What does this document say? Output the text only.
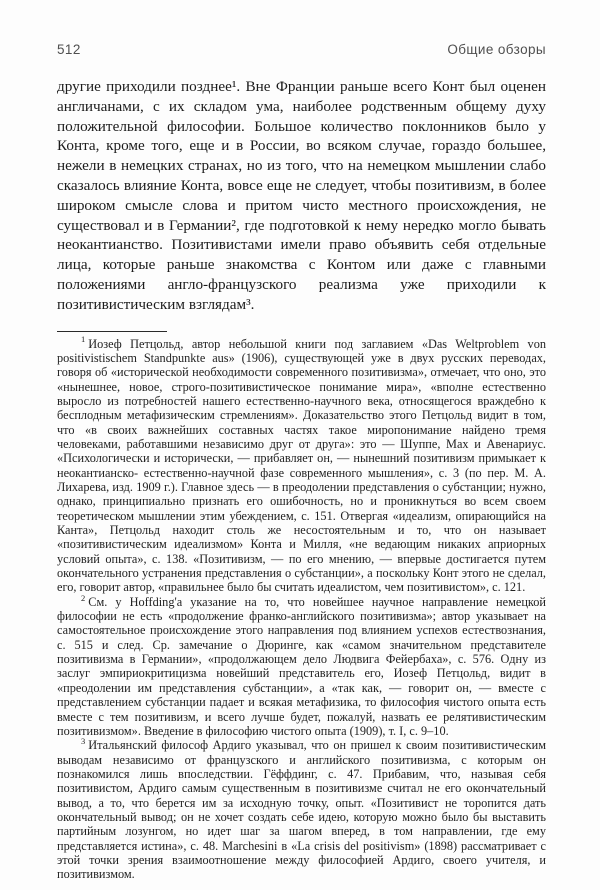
512	Общие обзоры

другие приходили позднее¹. Вне Франции раньше всего Конт был оценен англичанами, с их складом ума, наиболее родственным общему духу положительной философии. Большое количество поклонников было у Конта, кроме того, еще и в России, во всяком случае, гораздо большее, нежели в немецких странах, но из того, что на немецком мышлении слабо сказалось влияние Конта, вовсе еще не следует, чтобы позитивизм, в более широком смысле слова и притом чисто местного происхождения, не существовал и в Германии², где подготовкой к нему нередко могло бывать неокантианство. Позитивистами имели право объявить себя отдельные лица, которые раньше знакомства с Контом или даже с главными положениями англо-французского реализма уже приходили к позитивистическим взглядам³.

$^1$ Иозеф Петцольд, автор небольшой книги под заглавием «Das Weltproblem von positivistischem Standpunkte aus» (1906), существующей уже в двух русских переводах, говоря об «исторической необходимости современного позитивизма», отмечает, что оно, это «нынешнее, новое, строго-позитивистическое понимание мира», «вполне естественно выросло из потребностей нашего естественно-научного века, относящегося враждебно к бесплодным метафизическим стремлениям». Доказательство этого Петцольд видит в том, что «в своих важнейших составных частях такое миропонимание найдено тремя человеками, работавшими независимо друг от друга»: это — Шуппе, Мах и Авенариус. «Психологически и исторически, — прибавляет он, — нынешний позитивизм примыкает к неокантианско- естественно-научной фазе современного мышления», с. 3 (по пер. М. А. Лихарева, изд. 1909 г.). Главное здесь — в преодолении представления о субстанции; нужно, однако, принципиально признать его ошибочность, но и проникнуться во всем своем теоретическом мышлении этим убеждением, с. 151. Отвергая «идеализм, опирающийся на Канта», Петцольд находит столь же несостоятельным и то, что он называет «позитивистическим идеализмом» Конта и Милля, «не ведающим никаких априорных условий опыта», с. 138. «Позитивизм, — по его мнению, — впервые достигается путем окончательного устранения представления о субстанции», а поскольку Конт этого не сделал, его, говорит автор, «правильнее было бы считать идеалистом, чем позитивистом», с. 121.

$^2$ См. у Hoffding'а указание на то, что новейшее научное направление немецкой философии не есть «продолжение франко-английского позитивизма»; автор указывает на самостоятельное происхождение этого направления под влиянием успехов естествознания, с. 515 и след. Ср. замечание о Дюринге, как «самом значительном представителе позитивизма в Германии», «продолжающем дело Людвига Фейербаха», с. 576. Одну из заслуг эмпириокритицизма новейший представитель его, Иозеф Петцольд, видит в «преодолении им представления субстанции», а «так как, — говорит он, — вместе с представлением субстанции падает и всякая метафизика, то философия чистого опыта есть вместе с тем позитивизм, и всего лучше будет, пожалуй, назвать ее релятивистическим позитивизмом». Введение в философию чистого опыта (1909), т. I, с. 9–10.

$^3$ Итальянский философ Ардиго указывал, что он пришел к своим позитивистическим выводам независимо от французского и английского позитивизма, с которым он познакомился лишь впоследствии. Гёффдинг, с. 47. Прибавим, что, называя себя позитивистом, Ардиго самым существенным в позитивизме считал не его окончательный вывод, а то, что берется им за исходную точку, опыт. «Позитивист не торопится дать окончательный вывод; он не хочет создать себе идею, которую можно было бы выставить партийным лозунгом, но идет шаг за шагом вперед, в том направлении, где ему представляется истина», с. 48. Marchesini в «La crisis del positivism» (1898) рассматривает с этой точки зрения взаимоотношение между философией Ардиго, своего учителя, и позитивизмом.
